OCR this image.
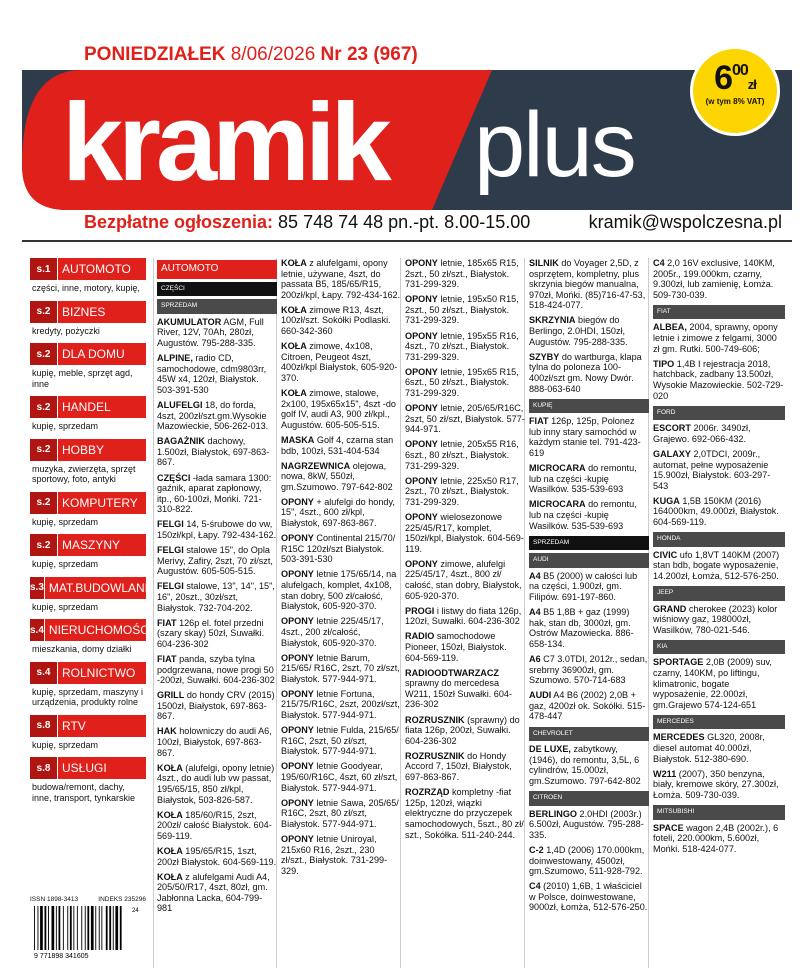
PONIEDZIAŁEK 8/06/2026 Nr 23 (967)
kramik plus
$6^{00}zł$
(w tym 8% VAT)
Bezpłatne ogłoszenia: 85 748 74 48 pn.-pt. 8.00-15.00	kramik@wspolczesna.pl
s.1 AUTOMOTO
części, inne, motory, kupię,
s.2 BIZNES
kredyty, pożyczki
s.2 DLA DOMU
kupię, meble, sprzęt agd, inne
s.2 HANDEL
kupię, sprzedam
s.2 HOBBY
muzyka, zwierzęta, sprzęt sportowy, foto, antyki
s.2 KOMPUTERY
kupię, sprzedam
s.2 MASZYNY
kupię, sprzedam
s.3 MAT.BUDOWLANE
kupię, sprzedam
s.4 NIERUCHOMOŚCI
mieszkania, domy działki
s.4 ROLNICTWO
kupię, sprzedam, maszyny i urządzenia, produkty rolne
s.8 RTV
kupię, sprzedam
s.8 USŁUGI
budowa/remont, dachy, inne, transport, tynkarskie
ISSN 1898-3413	INDEKS 235296
9 771898 341605
24
AUTOMOTO
CZĘŚCI
SPRZEDAM

AKUMULATOR AGM, Full River, 12V, 70Ah, 280zł, Augustów. 795-288-335.

ALPINE, radio CD, samochodowe, cdm9803rr, 45W x4, 120zł, Białystok. 503-391-530

ALUFELGI 18, do forda, 4szt, 200zł/szt.gm.Wysokie Mazowieckie, 506-262-013.

BAGAŻNIK dachowy, 1.500zł, Białystok, 697-863-867.

CZĘŚCI -łada samara 1300: gaźnik, aparat zapłonowy, itp., 60-100zł, Mońki. 721-310-822.

FELGI 14, 5-śrubowe do vw, 150zł/kpl, Łapy. 792-434-162.

FELGI stalowe 15", do Opla Merivy, Zafiry, 2szt, 70 zł/szt, Augustów. 605-505-515.

FELGI stalowe, 13", 14", 15", 16", 20szt., 30zł/szt, Białystok. 732-704-202.

FIAT 126p el. fotel przedni (szary skay) 50zł, Suwałki. 604-236-302

FIAT panda, szyba tylna podgrzewana, nowe progi 50 -200zł, Suwałki. 604-236-302

GRILL do hondy CRV (2015) 1500zł, Białystok, 697-863-867.

HAK holowniczy do audi A6, 100zł, Białystok, 697-863-867.

KOŁA (alufelgi, opony letnie) 4szt., do audi lub vw passat, 195/65/15, 850 zł/kpl, Białystok, 503-826-587.

KOŁA 185/60/R15, 2szt, 200zł/ całość Białystok. 604-569-119.

KOŁA 195/65/R15, 1szt, 200zł Białystok. 604-569-119.

KOŁA z alufelgami Audi A4, 205/50/R17, 4szt, 80zł, gm. Jabłonna Lacka, 604-799-981

KOŁA z alufelgami, opony letnie, używane, 4szt, do passata B5, 185/65/R15, 200zł/kpl, Łapy. 792-434-162.

KOŁA zimowe R13, 4szt, 100zł/szt. Sokółki Podlaski. 660-342-360

KOŁA zimowe, 4x108, Citroen, Peugeot 4szt, 400zł/kpl Białystok, 605-920-370.

KOŁA zimowe, stalowe, 2x100, 195x65x15", 4szt -do golf IV, audi A3, 900 zł/kpl., Augustów. 605-505-515.

MASKA Golf 4, czarna stan bdb, 100zł, 531-404-534

NAGRZEWNICA olejowa, nowa, 8kW, 550zł, gm.Szumowo. 797-642-802

OPONY + alufelgi do hondy, 15", 4szt., 600 zł/kpl, Białystok, 697-863-867.

OPONY Continental 215/70/ R15C 120zł/szt Białystok. 503-391-530

OPONY letnie 175/65/14, na alufelgach, komplet, 4x108, stan dobry, 500 zł/całość, Białystok, 605-920-370.

OPONY letnie 225/45/17, 4szt., 200 zł/całość, Białystok, 605-920-370.

OPONY letnie Barum, 215/65/ R16C, 2szt, 70 zł/szt, Białystok. 577-944-971.

OPONY letnie Fortuna, 215/75/R16C, 2szt, 200zł/szt, Białystok. 577-944-971.

OPONY letnie Fulda, 215/65/ R16C, 2szt, 50 zł/szt, Białystok. 577-944-971.

OPONY letnie Goodyear, 195/60/R16C, 4szt, 60 zł/szt, Białystok. 577-944-971.

OPONY letnie Sawa, 205/65/ R16C, 2szt, 80 zł/szt, Białystok. 577-944-971.

OPONY letnie Uniroyal, 215x60 R16, 2szt., 230 zł/szt., Białystok. 731-299-329.

OPONY letnie, 185x65 R15, 2szt., 50 zł/szt., Białystok. 731-299-329.

OPONY letnie, 195x50 R15, 2szt., 50 zł/szt., Białystok. 731-299-329.

OPONY letnie, 195x55 R16, 4szt., 70 zł/szt., Białystok. 731-299-329.

OPONY letnie, 195x65 R15, 6szt., 50 zł/szt., Białystok. 731-299-329.

OPONY letnie, 205/65/R16C, 2szt, 50 zł/szt, Białystok. 577-944-971.

OPONY letnie, 205x55 R16, 6szt., 80 zł/szt., Białystok. 731-299-329.

OPONY letnie, 225x50 R17, 2szt., 70 zł/szt., Białystok. 731-299-329.

OPONY wielosezonowe 225/45/R17, komplet, 150zł/kpl, Białystok. 604-569-119.

OPONY zimowe, alufelgi 225/45/17, 4szt., 800 zł/ całość, stan dobry, Białystok, 605-920-370.

PROGI i listwy do fiata 126p, 120zł, Suwałki. 604-236-302

RADIO samochodowe Pioneer, 150zł, Białystok. 604-569-119.

RADIOODTWARZACZ sprawny do mercedesa W211, 150zł Suwałki. 604-236-302

ROZRUSZNIK (sprawny) do fiata 126p, 200zł, Suwałki. 604-236-302

ROZRUSZNIK do Hondy Accord 7, 150zł, Białystok, 697-863-867.

ROZRZĄD kompletny -fiat 125p, 120zł, wiązki elektryczne do przyczepek samochodowych, 5szt., 80 zł/ szt., Sokółka. 511-240-244.

SILNIK do Voyager 2,5D, z osprzętem, kompletny, plus skrzynia biegów manualna, 970zł, Mońki. (85)716-47-53, 518-424-077.

SKRZYNIA biegów do Berlingo, 2.0HDI, 150zł, Augustów. 795-288-335.

SZYBY do wartburga, klapa tylna do poloneza 100-400zł/szt gm. Nowy Dwór. 888-063-640

KUPIĘ

FIAT 126p, 125p, Polonez lub inny stary samochód w każdym stanie tel. 791-423-619

MICROCARA do remontu, lub na części -kupię Wasilków. 535-539-693

MICROCARA do remontu, lub na części -kupię Wasilków. 535-539-693

SPRZEDAM
AUDI

A4 B5 (2000) w całości lub na części, 1.900zł, gm. Filipów. 691-197-860.

A4 B5 1,8B + gaz (1999) hak, stan db, 3000zł, gm. Ostrów Mazowiecka. 886-658-134.

A6 C7 3.0TDI, 2012r., sedan, srebrny 36900zł, gm. Szumowo. 570-714-683

AUDI A4 B6 (2002) 2,0B + gaz, 4200zł ok. Sokółki. 515-478-447

CHEVROLET

DE LUXE, zabytkowy, (1946), do remontu, 3,5L, 6 cylindrów, 15.000zł, gm.Szumowo. 797-642-802

CITROEN

BERLINGO 2.0HDI (2003r.) 6.500zł, Augustów. 795-288-335.

C-2 1,4D (2006) 170.000km, doinwestowany, 4500zł, gm.Szumowo, 511-928-792.

C4 (2010) 1,6B, 1 właściciel w Polsce, doinwestowane, 9000zł, Łomża, 512-576-250.

C4 2,0 16V exclusive, 140KM, 2005r., 199.000km, czarny, 9.300zł, lub zamienię, Łomża. 509-730-039.

FIAT

ALBEA, 2004, sprawny, opony letnie i zimowe z felgami, 3000 zł gm. Rutki. 500-749-606;

TIPO 1,4B I rejestracja 2018, hatchback, zadbany 13.500zł, Wysokie Mazowieckie. 502-729-020

FORD

ESCORT 2006r. 3490zł, Grajewo. 692-066-432.

GALAXY 2,0TDCI, 2009r., automat, pełne wyposażenie 15.900zł, Białystok. 603-297-543

KUGA 1,5B 150KM (2016) 164000km, 49.000zł, Białystok. 604-569-119.

HONDA

CIVIC ufo 1,8VT 140KM (2007) stan bdb, bogate wyposażenie, 14.200zł, Łomża, 512-576-250.

JEEP

GRAND cherokee (2023) kolor wiśniowy gaz, 198000zł, Wasilków, 780-021-546.

KIA

SPORTAGE 2,0B (2009) suv, czarny, 140KM, po liftingu, klimatronic, bogate wyposażenie, 22.000zł, gm.Grajewo 574-124-651

MERCEDES

MERCEDES GL320, 2008r, diesel automat 40.000zł, Białystok. 512-380-690.

W211 (2007), 350 benzyna, biały, kremowe skóry, 27.300zł, Łomża. 509-730-039.

MITSUBISHI

SPACE wagon 2,4B (2002r.), 6 foteli, 220.000km, 5.600zł, Mońki. 518-424-077.
